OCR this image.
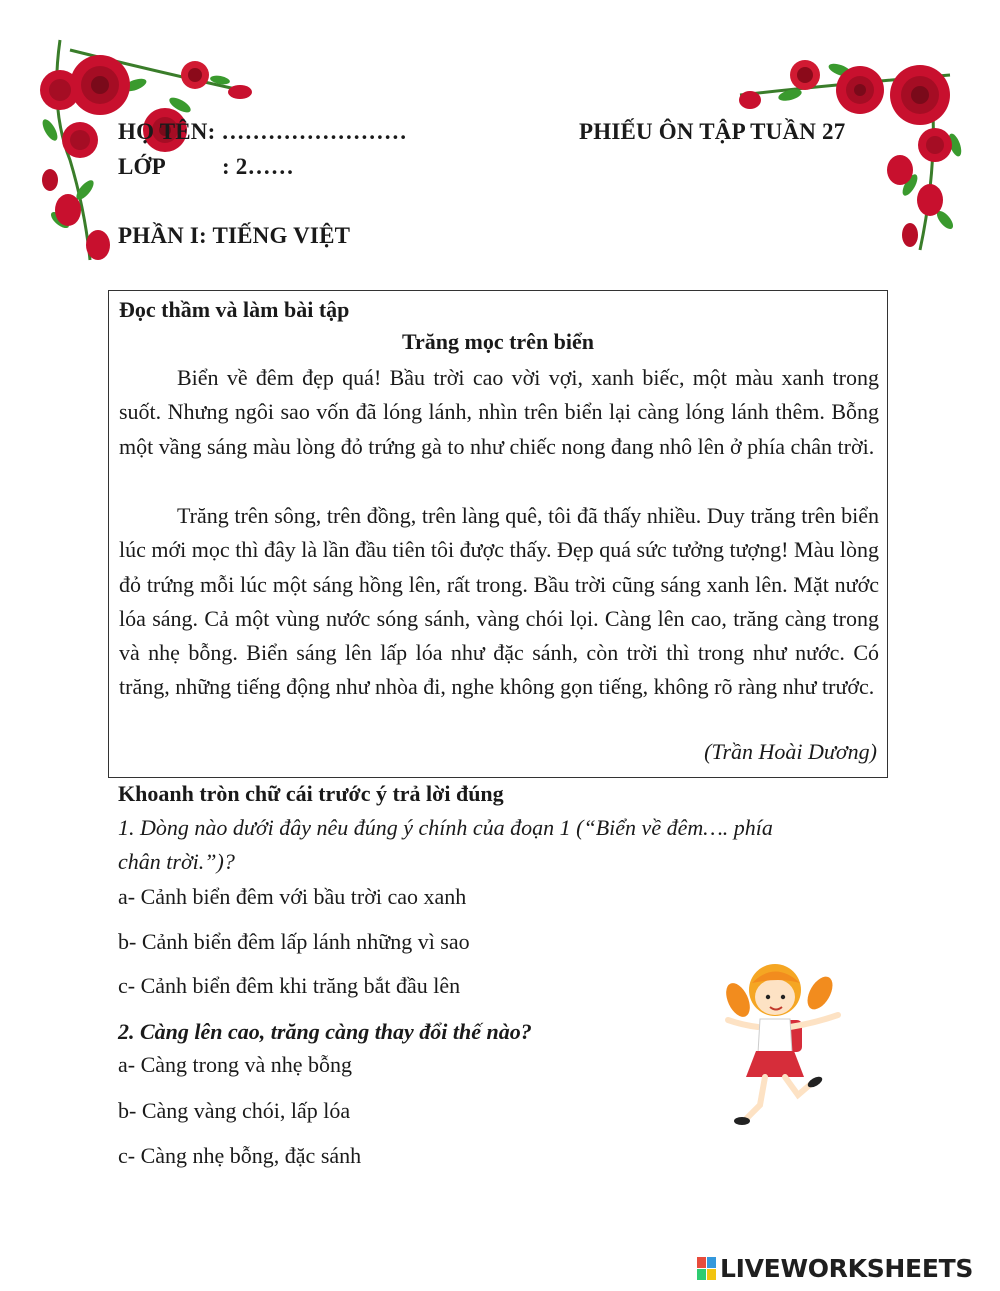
HỌ TÊN: ……………………	PHIẾU ÔN TẬP TUẦN 27
LỚP : 2……
PHẦN I: TIẾNG VIỆT
Đọc thầm và làm bài tập
Trăng mọc trên biển

Biển về đêm đẹp quá! Bầu trời cao vời vợi, xanh biếc, một màu xanh trong suốt. Nhưng ngôi sao vốn đã lóng lánh, nhìn trên biển lại càng lóng lánh thêm. Bỗng một vầng sáng màu lòng đỏ trứng gà to như chiếc nong đang nhô lên ở phía chân trời.

Trăng trên sông, trên đồng, trên làng quê, tôi đã thấy nhiều. Duy trăng trên biển lúc mới mọc thì đây là lần đầu tiên tôi được thấy. Đẹp quá sức tưởng tượng! Màu lòng đỏ trứng mỗi lúc một sáng hồng lên, rất trong. Bầu trời cũng sáng xanh lên. Mặt nước lóa sáng. Cả một vùng nước sóng sánh, vàng chói lọi. Càng lên cao, trăng càng trong và nhẹ bỗng. Biển sáng lên lấp lóa như đặc sánh, còn trời thì trong như nước. Có trăng, những tiếng động như nhòa đi, nghe không gọn tiếng, không rõ ràng như trước.

(Trần Hoài Dương)
Khoanh tròn chữ cái trước ý trả lời đúng
1. Dòng nào dưới đây nêu đúng ý chính của đoạn 1 (“Biển về đêm…. phía
chân trời.”)?
a- Cảnh biển đêm với bầu trời cao xanh
b- Cảnh biển đêm lấp lánh những vì sao
c- Cảnh biển đêm khi trăng bắt đầu lên
2. Càng lên cao, trăng càng thay đổi thế nào?
a- Càng trong và nhẹ bỗng
b- Càng vàng chói, lấp lóa
c- Càng nhẹ bỗng, đặc sánh
LIVEWORKSHEETS
